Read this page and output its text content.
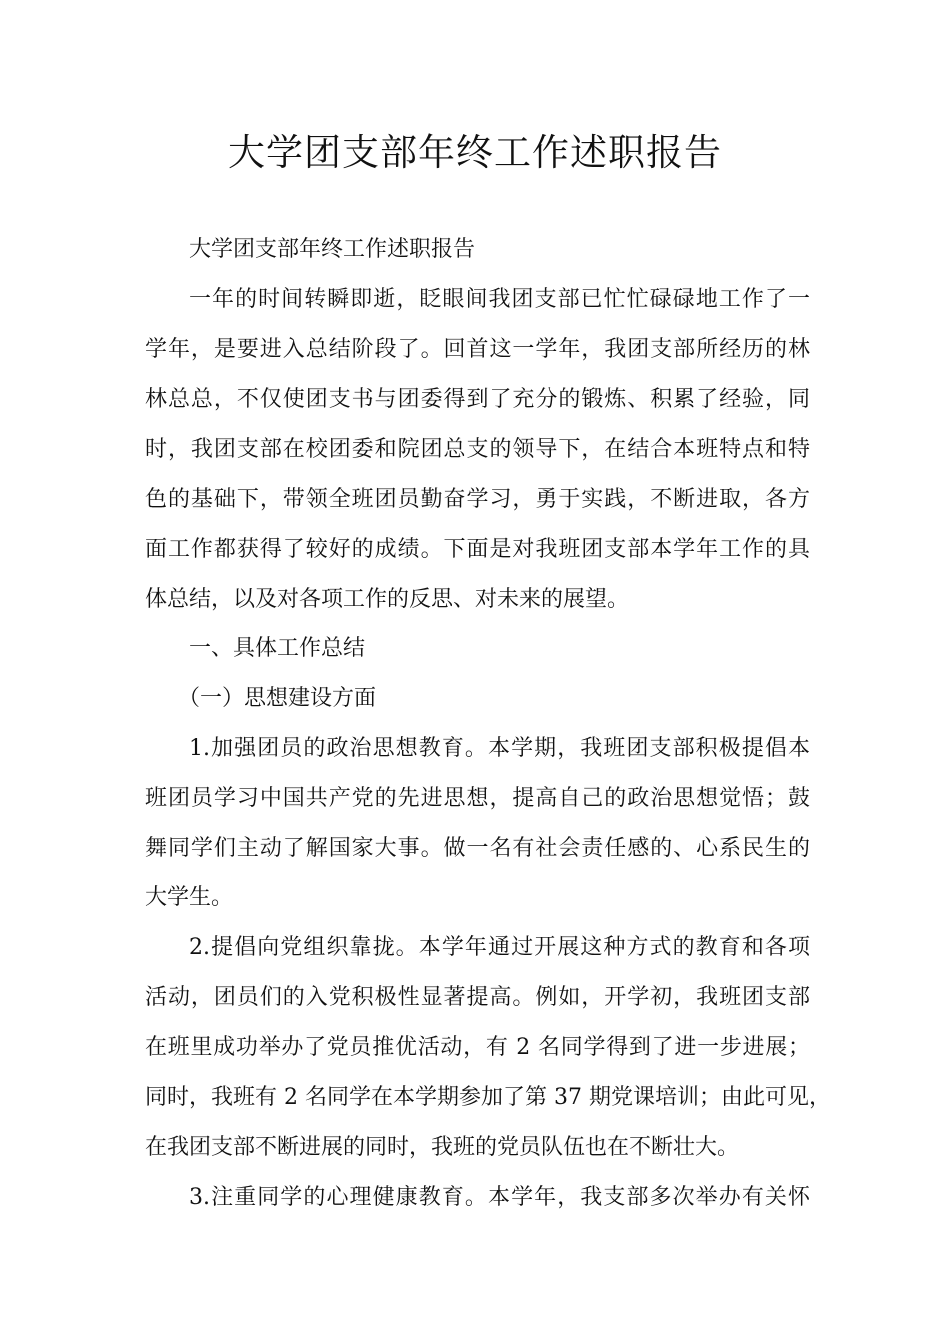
大学团支部年终工作述职报告
大学团支部年终工作述职报告
一年的时间转瞬即逝，眨眼间我团支部已忙忙碌碌地工作了一
学年，是要进入总结阶段了。回首这一学年，我团支部所经历的林
林总总，不仅使团支书与团委得到了充分的锻炼、积累了经验，同
时，我团支部在校团委和院团总支的领导下，在结合本班特点和特
色的基础下，带领全班团员勤奋学习，勇于实践，不断进取，各方
面工作都获得了较好的成绩。下面是对我班团支部本学年工作的具
体总结，以及对各项工作的反思、对未来的展望。
一、具体工作总结
（一）思想建设方面
1.加强团员的政治思想教育。本学期，我班团支部积极提倡本
班团员学习中国共产党的先进思想，提高自己的政治思想觉悟；鼓
舞同学们主动了解国家大事。做一名有社会责任感的、心系民生的
大学生。
2.提倡向党组织靠拢。本学年通过开展这种方式的教育和各项
活动，团员们的入党积极性显著提高。例如，开学初，我班团支部
在班里成功举办了党员推优活动，有 2 名同学得到了进一步进展；
同时，我班有 2 名同学在本学期参加了第 37 期党课培训；由此可见，
在我团支部不断进展的同时，我班的党员队伍也在不断壮大。
3.注重同学的心理健康教育。本学年，我支部多次举办有关怀
